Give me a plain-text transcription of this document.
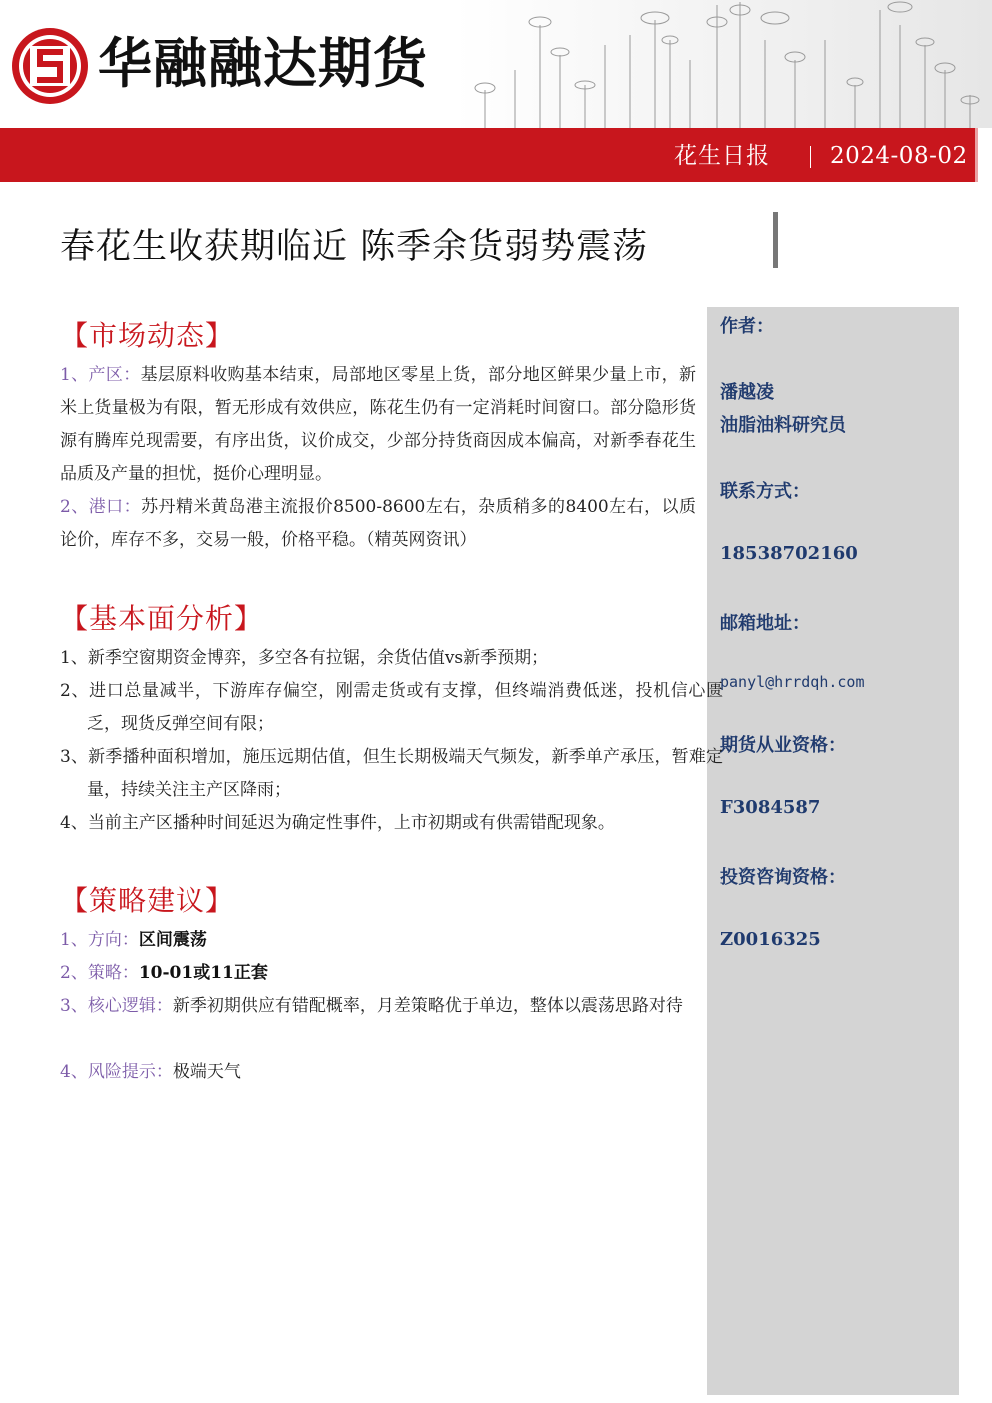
华融融达期货
花生日报	2024-08-02
春花生收获期临近 陈季余货弱势震荡
作者：
潘越凌
油脂油料研究员
联系方式：
18538702160
邮箱地址：
panyl@hrrdqh.com
期货从业资格：
F3084587
投资咨询资格：
Z0016325
【市场动态】
1、产区：基层原料收购基本结束，局部地区零星上货，部分地区鲜果少量上市，新米上货量极为有限，暂无形成有效供应，陈花生仍有一定消耗时间窗口。部分隐形货源有腾库兑现需要，有序出货，议价成交，少部分持货商因成本偏高，对新季春花生品质及产量的担忧，挺价心理明显。
2、港口：苏丹精米黄岛港主流报价8500-8600左右，杂质稍多的8400左右，以质论价，库存不多，交易一般，价格平稳。（精英网资讯）
【基本面分析】
1、新季空窗期资金博弈，多空各有拉锯，余货估值vs新季预期；
2、进口总量减半，下游库存偏空，刚需走货或有支撑，但终端消费低迷，投机信心匮乏，现货反弹空间有限；
3、新季播种面积增加，施压远期估值，但生长期极端天气频发，新季单产承压，暂难定量，持续关注主产区降雨；
4、当前主产区播种时间延迟为确定性事件，上市初期或有供需错配现象。
【策略建议】
1、方向：区间震荡
2、策略：10-01或11正套
3、核心逻辑：新季初期供应有错配概率，月差策略优于单边，整体以震荡思路对待
4、风险提示：极端天气
